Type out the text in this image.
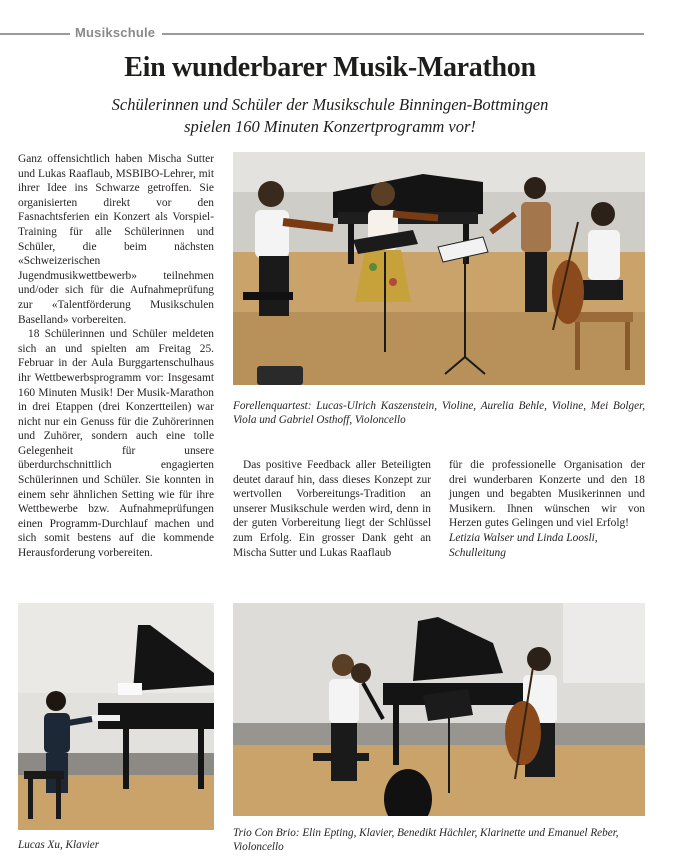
Musikschule
Ein wunderbarer Musik-Marathon
Schülerinnen und Schüler der Musikschule Binningen-Bottmingen
spielen 160 Minuten Konzertprogramm vor!

Ganz offensichtlich haben Mischa Sutter und Lukas Raaflaub, MSBIBO-Lehrer, mit ihrer Idee ins Schwarze getroffen. Sie organisierten direkt vor den Fasnachtsferien ein Konzert als Vorspiel-Training für alle Schülerinnen und Schüler, die beim nächsten «Schweizerischen Jugendmusikwettbewerb» teilnehmen und/oder sich für die Aufnahmeprüfung zur «Talentförderung Musikschulen Baselland» vorbereiten.

18 Schülerinnen und Schüler meldeten sich an und spielten am Freitag 25. Februar in der Aula Burggartenschulhaus ihr Wettbewerbsprogramm vor: Insgesamt 160 Minuten Musik! Der Musik-Marathon in drei Etappen (drei Konzertteilen) war nicht nur ein Genuss für die Zuhörerinnen und Zuhörer, sondern auch eine tolle Gelegenheit für unsere überdurchschnittlich engagierten Schülerinnen und Schüler. Sie konnten in einem sehr ähnlichen Setting wie für ihre Wettbewerbe bzw. Aufnahmeprüfungen einen Programm-Durchlauf machen und sich somit bestens auf die kommende Herausforderung vorbereiten.

Forellenquartest: Lucas-Ulrich Kaszenstein, Violine, Aurelia Behle, Violine, Mei Bolger, Viola und Gabriel Osthoff, Violoncello

Das positive Feedback aller Beteiligten deutet darauf hin, dass dieses Konzept zur wertvollen Vorbereitungs-Tradition an unserer Musikschule werden wird, denn in der guten Vorbereitung liegt der Schlüssel zum Erfolg. Ein grosser Dank geht an Mischa Sutter und Lukas Raaflaub

für die professionelle Organisation der drei wunderbaren Konzerte und den 18 jungen und begabten Musikerinnen und Musikern. Ihnen wünschen wir von Herzen gutes Gelingen und viel Erfolg!

Letizia Walser und Linda Loosli,

Schulleitung

Lucas Xu, Klavier
Trio Con Brio: Elin Epting, Klavier, Benedikt Hächler, Klarinette und Emanuel Reber, Violoncello
